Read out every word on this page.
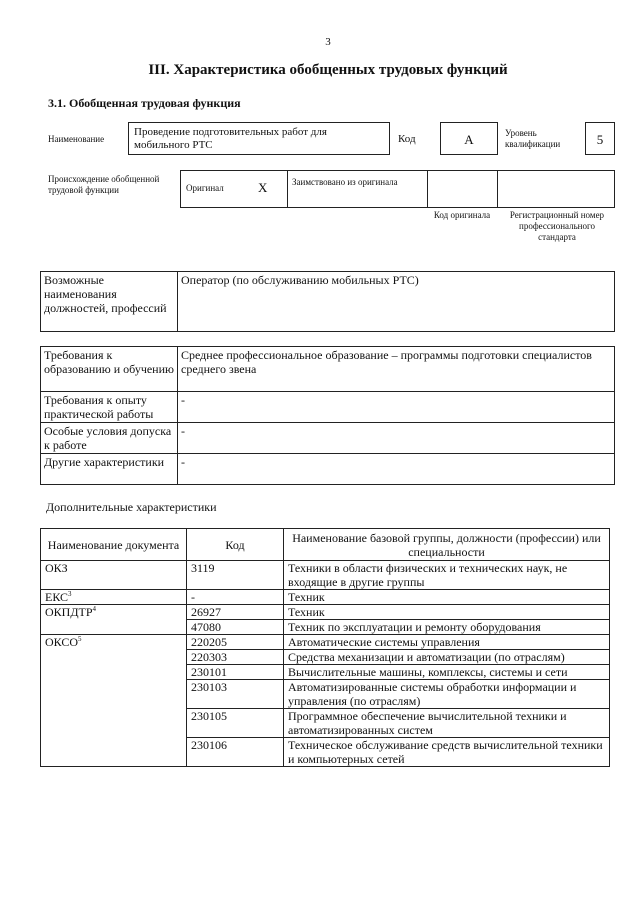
3
III. Характеристика обобщенных трудовых функций
3.1. Обобщенная трудовая функция
Наименование
Проведение подготовительных работ для мобильного РТС	Код	A	Уровень квалификации	5
Происхождение обобщенной трудовой функции	Оригинал	X	Заимствовано из оригинала
Код оригинала	Регистрационный номер профессионального стандарта
Возможные наименования должностей, профессий	Оператор (по обслуживанию мобильных РТС)
Требования к образованию и обучению	Среднее профессиональное образование – программы подготовки специалистов среднего звена
Требования к опыту практической работы	-
Особые условия допуска к работе	-
Другие характеристики	-
Дополнительные характеристики
Наименование документа	Код	Наименование базовой группы, должности (профессии) или специальности
ОКЗ	3119	Техники в области физических и технических наук, не входящие в другие группы
ЕКС$^3$	-	Техник
ОКПДТР$^4$	26927	Техник
	47080	Техник по эксплуатации и ремонту оборудования
ОКСО$^5$	220205	Автоматические системы управления
	220303	Средства механизации и автоматизации (по отраслям)
	230101	Вычислительные машины, комплексы, системы и сети
	230103	Автоматизированные системы обработки информации и управления (по отраслям)
	230105	Программное обеспечение вычислительной техники и автоматизированных систем
	230106	Техническое обслуживание средств вычислительной техники и компьютерных сетей
